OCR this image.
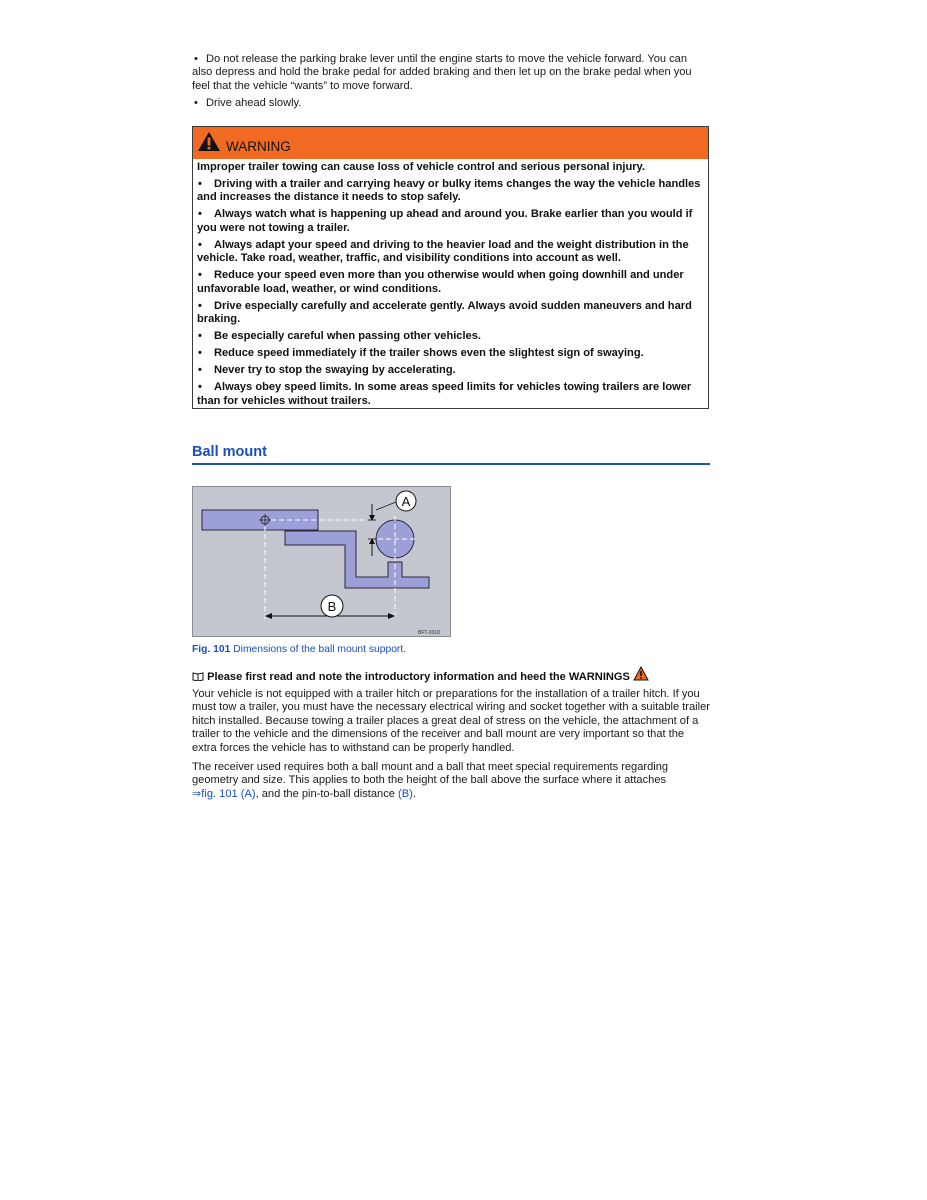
• Do not release the parking brake lever until the engine starts to move the vehicle forward. You can also depress and hold the brake pedal for added braking and then let up on the brake pedal when you feel that the vehicle “wants” to move forward.
• Drive ahead slowly.
WARNING

Improper trailer towing can cause loss of vehicle control and serious personal injury.

• Driving with a trailer and carrying heavy or bulky items changes the way the vehicle handles and increases the distance it needs to stop safely.

• Always watch what is happening up ahead and around you. Brake earlier than you would if you were not towing a trailer.

• Always adapt your speed and driving to the heavier load and the weight distribution in the vehicle. Take road, weather, traffic, and visibility conditions into account as well.

• Reduce your speed even more than you otherwise would when going downhill and under unfavorable load, weather, or wind conditions.

• Drive especially carefully and accelerate gently. Always avoid sudden maneuvers and hard braking.

• Be especially careful when passing other vehicles.

• Reduce speed immediately if the trailer shows even the slightest sign of swaying.

• Never try to stop the swaying by accelerating.

• Always obey speed limits. In some areas speed limits for vehicles towing trailers are lower than for vehicles without trailers.

Ball mount
A
B
BFT-0318
Fig. 101 Dimensions of the ball mount support.
Please first read and note the introductory information and heed the WARNINGS
Your vehicle is not equipped with a trailer hitch or preparations for the installation of a trailer hitch. If you must tow a trailer, you must have the necessary electrical wiring and socket together with a suitable trailer hitch installed. Because towing a trailer places a great deal of stress on the vehicle, the attachment of a trailer to the vehicle and the dimensions of the receiver and ball mount are very important so that the extra forces the vehicle has to withstand can be properly handled.
The receiver used requires both a ball mount and a ball that meet special requirements regarding geometry and size. This applies to both the height of the ball above the surface where it attaches
⇒fig. 101 (A), and the pin-to-ball distance (B).
